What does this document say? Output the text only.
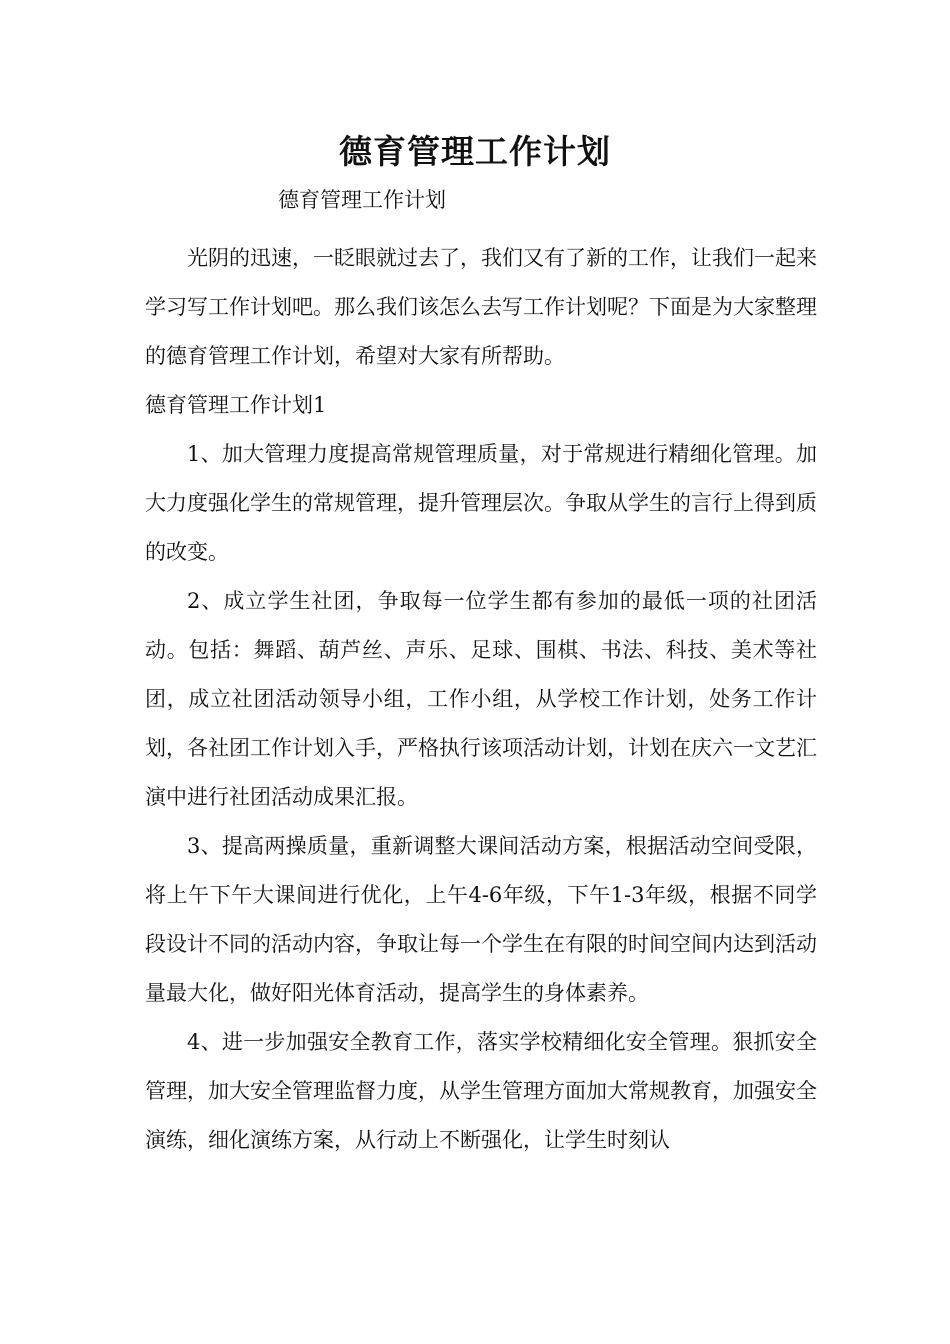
德育管理工作计划

德育管理工作计划

光阴的迅速，一眨眼就过去了，我们又有了新的工作，让我们一起来学习写工作计划吧。那么我们该怎么去写工作计划呢？下面是为大家整理的德育管理工作计划，希望对大家有所帮助。

德育管理工作计划1

1、加大管理力度提高常规管理质量，对于常规进行精细化管理。加大力度强化学生的常规管理，提升管理层次。争取从学生的言行上得到质的改变。

2、成立学生社团，争取每一位学生都有参加的最低一项的社团活动。包括：舞蹈、葫芦丝、声乐、足球、围棋、书法、科技、美术等社团，成立社团活动领导小组，工作小组，从学校工作计划，处务工作计划，各社团工作计划入手，严格执行该项活动计划，计划在庆六一文艺汇演中进行社团活动成果汇报。

3、提高两操质量，重新调整大课间活动方案，根据活动空间受限，将上午下午大课间进行优化，上午4-6年级，下午1-3年级，根据不同学段设计不同的活动内容，争取让每一个学生在有限的时间空间内达到活动量最大化，做好阳光体育活动，提高学生的身体素养。

4、进一步加强安全教育工作，落实学校精细化安全管理。狠抓安全管理，加大安全管理监督力度，从学生管理方面加大常规教育，加强安全演练，细化演练方案，从行动上不断强化，让学生时刻认
